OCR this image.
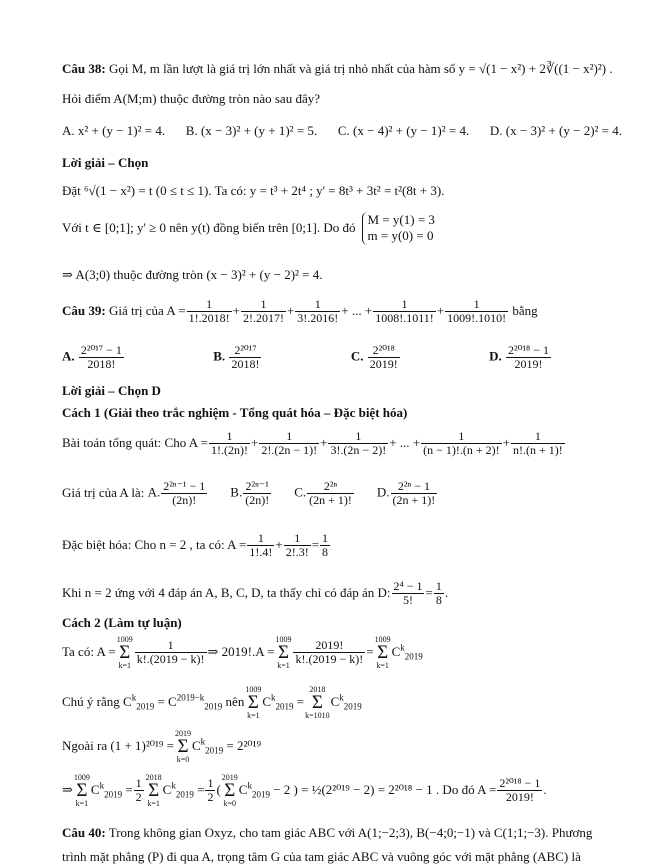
Câu 38: Gọi M, m lần lượt là giá trị lớn nhất và giá trị nhỏ nhất của hàm số y = √(1 − x²) + 2∛((1 − x²)²) .
Hỏi điểm A(M;m) thuộc đường tròn nào sau đây?
A. x² + (y − 1)² = 4. B. (x − 3)² + (y + 1)² = 5. C. (x − 4)² + (y − 1)² = 4. D. (x − 3)² + (y − 2)² = 4.
Lời giải – Chọn
Đặt ⁶√(1 − x²) = t (0 ≤ t ≤ 1). Ta có: y = t³ + 2t⁴ ; y' = 8t³ + 3t² = t²(8t + 3).
Với t ∈ [0;1]; y' ≥ 0 nên y(t) đồng biến trên [0;1]. Do đó
M = y(1) = 3
m = y(0) = 0
⇒ A(3;0) thuộc đường tròn (x − 3)² + (y − 2)² = 4.
Câu 39:
Giá trị của $A = \frac{1}{1!.2018!} + \frac{1}{2!.2017!} + \frac{1}{3!.2016!}$ + ... + $\frac{1}{1008!.1011!} + \frac{1}{1009!.1010!}$
bằng
A. $\frac{\text{2²⁰¹⁷ − 1}}{2018!}$	B. $\frac{\text{2²⁰¹⁷}}{2018!}$	C. $\frac{\text{2²⁰¹⁸}}{2019!}$	D. $\frac{\text{2²⁰¹⁸ − 1}}{2019!}$
Lời giải – Chọn D
Cách 1 (Giải theo trắc nghiệm - Tổng quát hóa – Đặc biệt hóa)
Bài toán tổng quát: Cho $A = \frac{1}{1!.(2n)!} + \frac{1}{2!.(2n - 1)!} + \frac{1}{3!.(2n - 2)!}$ + ... + $\frac{1}{(n - 1)!.(n + 2)!} + \frac{1}{n!.(n + 1)!}$
Giá trị của A là:
A. $\frac{\text{2²ⁿ⁻¹ − 1}}{(2n)!} B$. $\frac{\text{2²ⁿ⁻¹}}{(2n)!} C$. $\frac{\text{2²ⁿ}}{(2n + 1)!} D$. $\frac{\text{2²ⁿ − 1}}{(2n + 1)!}$
Đặc biệt hóa: Cho n = 2 , ta có: $A = \frac{1}{1!.4!} + \frac{1}{2!.3!} = \frac{1}{8}$
Khi n = 2 ứng với 4 đáp án A, B, C, D, ta thấy chỉ có đáp án D: $\frac{\text{2⁴ − 1}}{5!} = \frac{1}{8}$ .
Cách 2 (Làm tự luận)
Ta có: A =
1009
Σ
$k=1 \frac{1}{k!.(2019 - k)!}$ ⇒ 2019!.A =
1009
Σ
$k=1 \frac{2019!}{k!.(2019 - k)!}$ =
1009
Σ
k=1
$C^k_{2019}$
Chú ý rằng
$C^k_{2019} = C^{2019-k}_{2019}$
nên
1009
Σ
k=1
$C^k_{2019}$ =
2018
Σ
k=1010
$C^k_{2019}$
Ngoài ra (1 + 1)²⁰¹⁹ =
2019
Σ
k=0
$C^k_{2019}$
= 2²⁰¹⁹
⇒
1009
Σ
k=1
$C^k_{2019} = \frac{1}{2} 2018$
Σ
k=1
$C^k_{2019} = \frac{1}{2}$ (
2019
Σ
k=0
$C^k_{2019}$
− 2 ) = ½(2²⁰¹⁹ − 2) = 2²⁰¹⁸ − 1 . Do đó $A = \frac{\text{2²⁰¹⁸ − 1}}{2019!}$ .
Câu 40: Trong không gian Oxyz, cho tam giác ABC với A(1;−2;3), B(−4;0;−1) và C(1;1;−3). Phương
trình mặt phẳng (P) đi qua A, trọng tâm G của tam giác ABC và vuông góc với mặt phẳng (ABC) là
